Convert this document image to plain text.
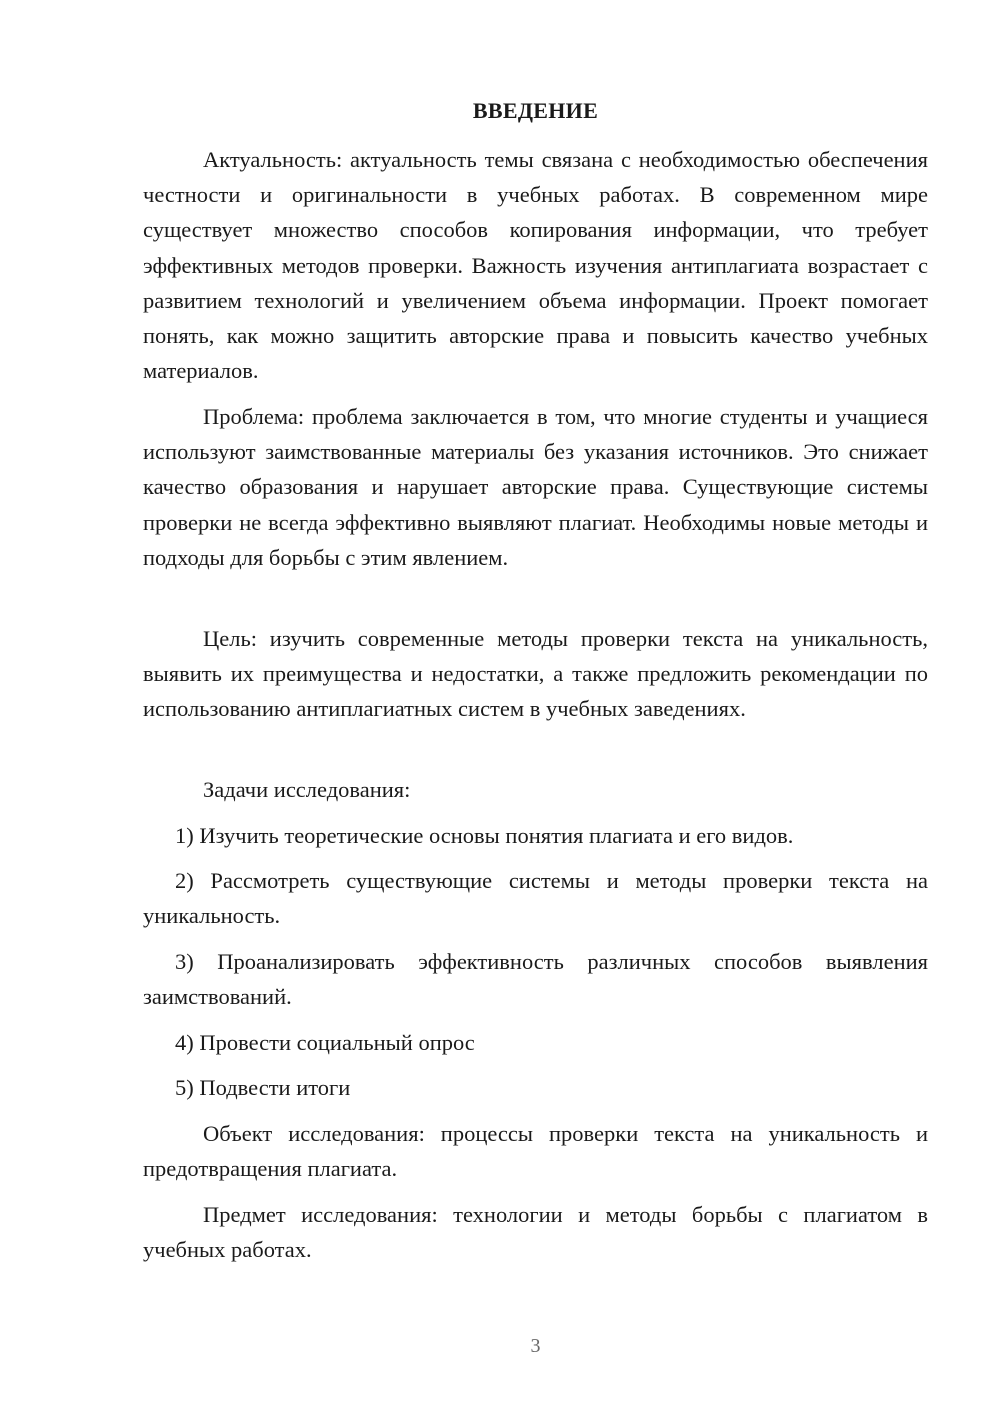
ВВЕДЕНИЕ

Актуальность: актуальность темы связана с необходимостью обеспечения честности и оригинальности в учебных работах. В современном мире существует множество способов копирования информации, что требует эффективных методов проверки. Важность изучения антиплагиата возрастает с развитием технологий и увеличением объема информации. Проект помогает понять, как можно защитить авторские права и повысить качество учебных материалов.

Проблема: проблема заключается в том, что многие студенты и учащиеся используют заимствованные материалы без указания источников. Это снижает качество образования и нарушает авторские права. Существующие системы проверки не всегда эффективно выявляют плагиат. Необходимы новые методы и подходы для борьбы с этим явлением.

Цель: изучить современные методы проверки текста на уникальность, выявить их преимущества и недостатки, а также предложить рекомендации по использованию антиплагиатных систем в учебных заведениях.

Задачи исследования:

1) Изучить теоретические основы понятия плагиата и его видов.

2) Рассмотреть существующие системы и методы проверки текста на уникальность.

3) Проанализировать эффективность различных способов выявления заимствований.

4) Провести социальный опрос

5) Подвести итоги

Объект исследования: процессы проверки текста на уникальность и предотвращения плагиата.

Предмет исследования: технологии и методы борьбы с плагиатом в учебных работах.

3
